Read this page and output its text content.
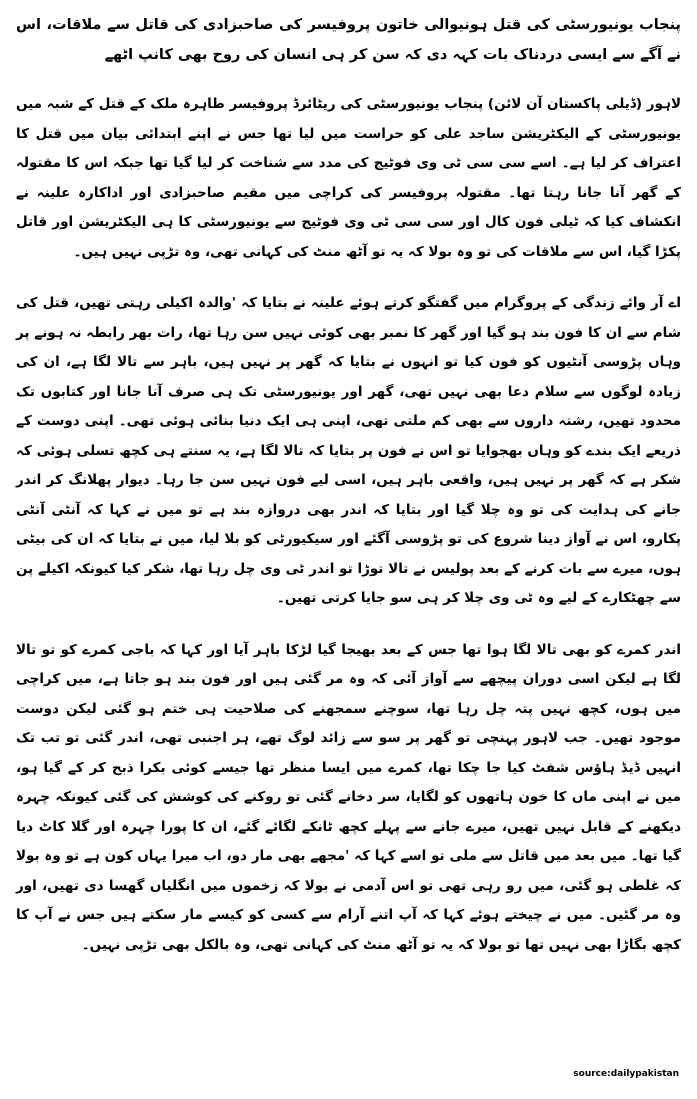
پنجاب یونیورسٹی کی قتل ہونیوالی خاتون پروفیسر کی صاحبزادی کی قاتل سے ملاقات، اس نے آگے سے ایسی دردناک بات کہہ دی کہ سن کر ہی انسان کی روح بھی کانپ اٹھے

لاہور (ڈیلی پاکستان آن لائن) پنجاب یونیورسٹی کی ریٹائرڈ پروفیسر طاہرہ ملک کے قتل کے شبہ میں یونیورسٹی کے الیکٹریشن ساجد علی کو حراست میں لیا تھا جس نے اپنے ابتدائی بیان میں قتل کا اعتراف کر لیا ہے۔ اسے سی سی ٹی وی فوٹیج کی مدد سے شناخت کر لیا گیا تھا جبکہ اس کا مقتولہ کے گھر آنا جانا رہتا تھا۔ مقتولہ پروفیسر کی کراچی میں مقیم صاحبزادی اور اداکارہ علینہ نے انکشاف کیا کہ ٹیلی فون کال اور سی سی ٹی وی فوٹیج سے یونیورسٹی کا ہی الیکٹریشن اور قاتل پکڑا گیا، اس سے ملاقات کی تو وہ بولا کہ یہ تو آٹھ منٹ کی کہانی تھی، وہ تڑپی نہیں ہیں۔

اے آر وائے زندگی کے پروگرام میں گفتگو کرتے ہوئے علینہ نے بتایا کہ 'والدہ اکیلی رہتی تھیں، قتل کی شام سے ان کا فون بند ہو گیا اور گھر کا نمبر بھی کوئی نہیں سن رہا تھا، رات بھر رابطہ نہ ہونے پر وہاں پڑوسی آنٹیوں کو فون کیا تو انہوں نے بتایا کہ گھر پر نہیں ہیں، باہر سے تالا لگا ہے، ان کی زیادہ لوگوں سے سلام دعا بھی نہیں تھی، گھر اور یونیورسٹی تک ہی صرف آنا جانا اور کتابوں تک محدود تھیں، رشتہ داروں سے بھی کم ملتی تھی، اپنی ہی ایک دنیا بنائی ہوئی تھی۔ اپنی دوست کے ذریعے ایک بندے کو وہاں بھجوایا تو اس نے فون پر بتایا کہ تالا لگا ہے، یہ سنتے ہی کچھ تسلی ہوئی کہ شکر ہے کہ گھر پر نہیں ہیں، واقعی باہر ہیں، اسی لیے فون نہیں سن جا رہا۔ دیوار پھلانگ کر اندر جانے کی ہدایت کی تو وہ چلا گیا اور بتایا کہ اندر بھی دروازہ بند ہے تو میں نے کہا کہ آنٹی آنٹی پکارو، اس نے آواز دینا شروع کی تو پڑوسی آگئے اور سیکیورٹی کو بلا لیا، میں نے بتایا کہ ان کی بیٹی ہوں، میرے سے بات کرنے کے بعد پولیس نے تالا توڑا تو اندر ٹی وی چل رہا تھا، شکر کیا کیونکہ اکیلے پن سے چھٹکارے کے لیے وہ ٹی وی چلا کر ہی سو جایا کرتی تھیں۔

اندر کمرے کو بھی تالا لگا ہوا تھا جس کے بعد بھیجا گیا لڑکا باہر آیا اور کہا کہ باجی کمرے کو تو تالا لگا ہے لیکن اسی دوران پیچھے سے آواز آئی کہ وہ مر گئی ہیں اور فون بند ہو جاتا ہے، میں کراچی میں ہوں، کچھ نہیں پتہ چل رہا تھا، سوچنے سمجھنے کی صلاحیت ہی ختم ہو گئی لیکن دوست موجود تھیں۔ جب لاہور پہنچی تو گھر پر سو سے زائد لوگ تھے، ہر اجنبی تھی، اندر گئی تو تب تک انہیں ڈیڈ ہاؤس شفٹ کیا جا چکا تھا، کمرے میں ایسا منظر تھا جیسے کوئی بکرا ذبح کر کے گیا ہو، میں نے اپنی ماں کا خون ہاتھوں کو لگایا، سر دخانے گئی تو روکنے کی کوشش کی گئی کیونکہ چہرہ دیکھنے کے قابل نہیں تھیں، میرے جانے سے پہلے کچھ ٹانکے لگائے گئے، ان کا پورا چہرہ اور گلا کاٹ دیا گیا تھا۔ میں بعد میں قاتل سے ملی تو اسے کہا کہ 'مجھے بھی مار دو، اب میرا یہاں کون ہے تو وہ بولا کہ غلطی ہو گئی، میں رو رہی تھی تو اس آدمی نے بولا کہ زخموں میں انگلیاں گھسا دی تھیں، اور وہ مر گئیں۔ میں نے چیختے ہوئے کہا کہ آپ اتنے آرام سے کسی کو کیسے مار سکتے ہیں جس نے آپ کا کچھ بگاڑا بھی نہیں تھا تو بولا کہ یہ تو آٹھ منٹ کی کہانی تھی، وہ بالکل بھی تڑپی نہیں۔

source:dailypakistan
